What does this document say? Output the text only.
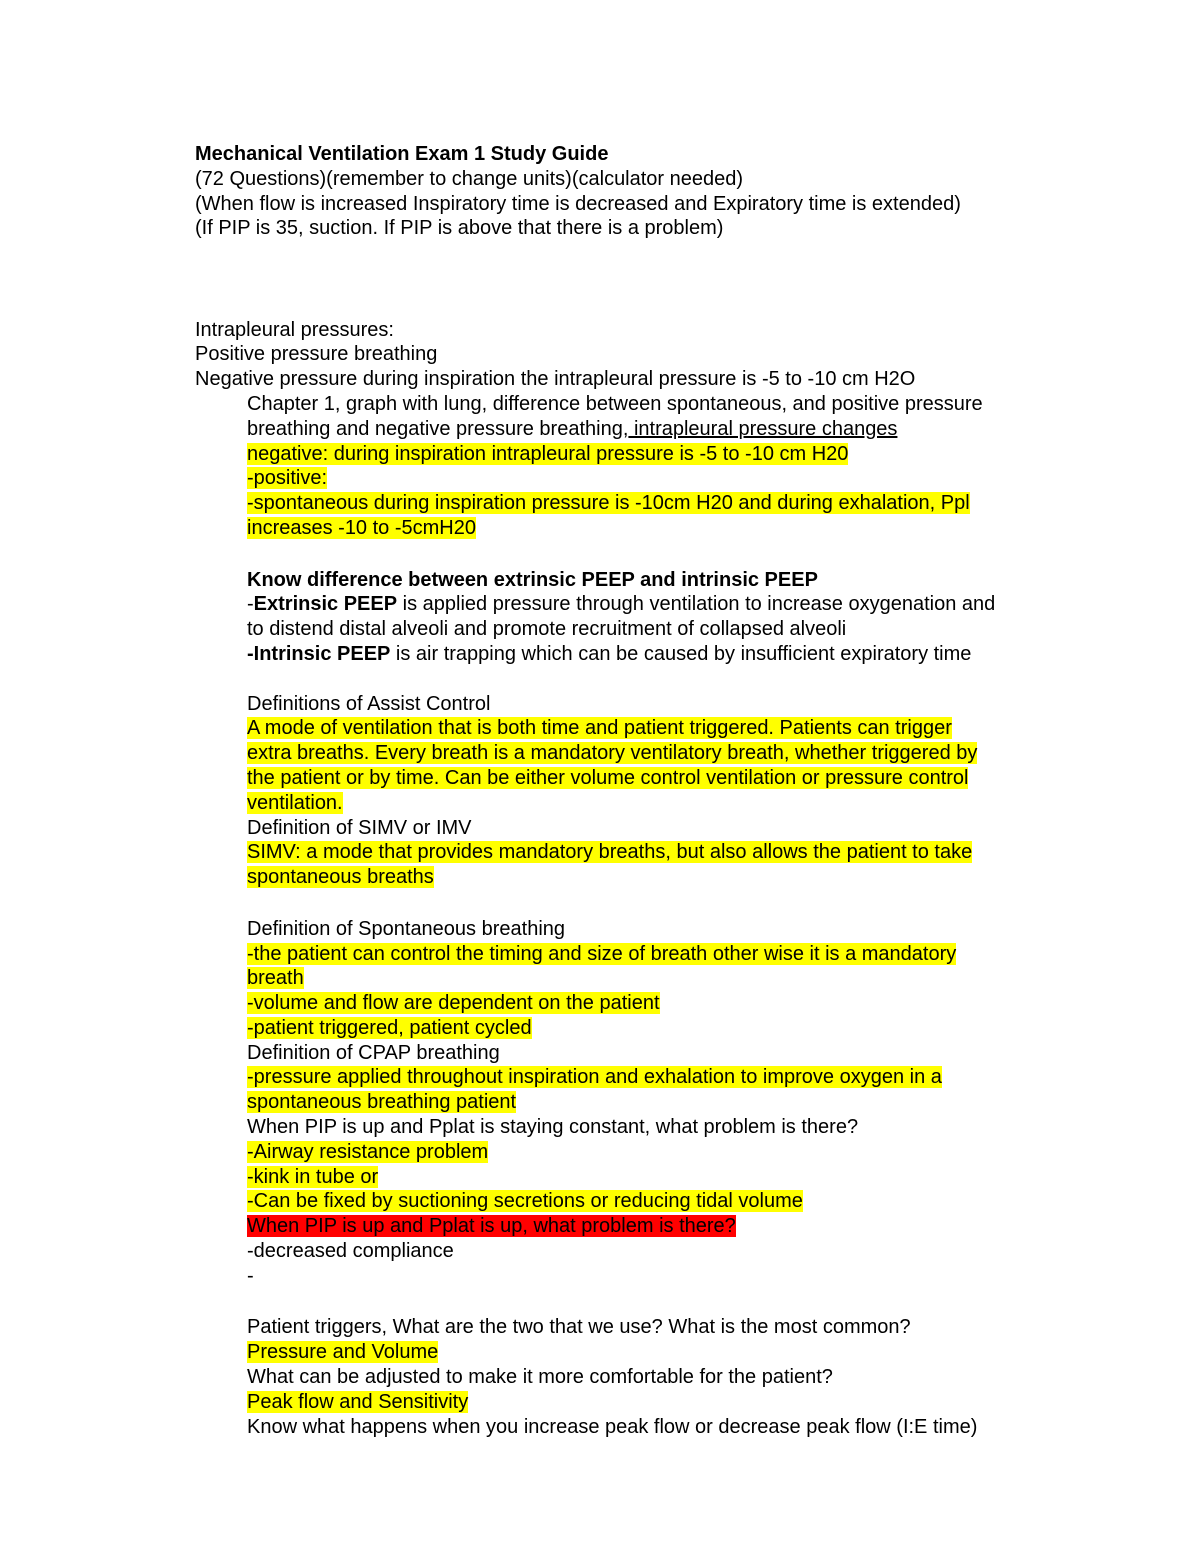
Mechanical Ventilation Exam 1 Study Guide
(72 Questions)(remember to change units)(calculator needed)
(When flow is increased Inspiratory time is decreased and Expiratory time is extended)
(If PIP is 35, suction. If PIP is above that there is a problem)
Intrapleural pressures:
Positive pressure breathing
Negative pressure during inspiration the intrapleural pressure is -5 to -10 cm H2O
Chapter 1, graph with lung, difference between spontaneous, and positive pressure
breathing and negative pressure breathing, intrapleural pressure changes
negative: during inspiration intrapleural pressure is -5 to -10 cm H20
-positive:
-spontaneous during inspiration pressure is -10cm H20 and during exhalation, Ppl
increases -10 to -5cmH20
Know difference between extrinsic PEEP and intrinsic PEEP
-Extrinsic PEEP is applied pressure through ventilation to increase oxygenation and
to distend distal alveoli and promote recruitment of collapsed alveoli
-Intrinsic PEEP is air trapping which can be caused by insufficient expiratory time
Definitions of Assist Control
A mode of ventilation that is both time and patient triggered. Patients can trigger
extra breaths. Every breath is a mandatory ventilatory breath, whether triggered by
the patient or by time. Can be either volume control ventilation or pressure control
ventilation.
Definition of SIMV or IMV
SIMV: a mode that provides mandatory breaths, but also allows the patient to take
spontaneous breaths
Definition of Spontaneous breathing
-the patient can control the timing and size of breath other wise it is a mandatory
breath
-volume and flow are dependent on the patient
-patient triggered, patient cycled
Definition of CPAP breathing
-pressure applied throughout inspiration and exhalation to improve oxygen in a
spontaneous breathing patient
When PIP is up and Pplat is staying constant, what problem is there?
-Airway resistance problem
-kink in tube or
-Can be fixed by suctioning secretions or reducing tidal volume
When PIP is up and Pplat is up, what problem is there?
-decreased compliance
-
Patient triggers, What are the two that we use? What is the most common?
Pressure and Volume
What can be adjusted to make it more comfortable for the patient?
Peak flow and Sensitivity
Know what happens when you increase peak flow or decrease peak flow (I:E time)
